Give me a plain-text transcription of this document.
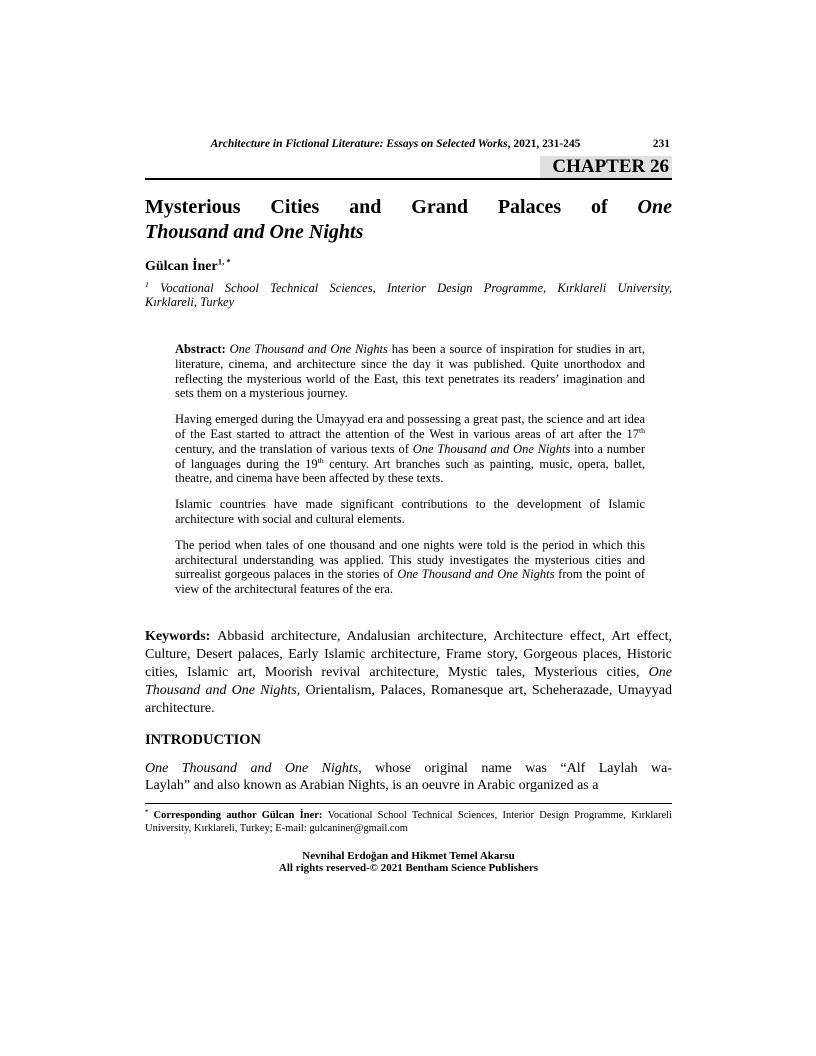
Architecture in Fictional Literature: Essays on Selected Works, 2021, 231-245	231
CHAPTER 26
Mysterious Cities and Grand Palaces of One
Thousand and One Nights
Gülcan İner$^{1, *}$
$^1$ Vocational School Technical Sciences, Interior Design Programme, Kırklareli University,
Kırklareli, Turkey

Abstract: One Thousand and One Nights has been a source of inspiration for studies in art, literature, cinema, and architecture since the day it was published. Quite unorthodox and reflecting the mysterious world of the East, this text penetrates its readers’ imagination and sets them on a mysterious journey.

Having emerged during the Umayyad era and possessing a great past, the science and art idea of the East started to attract the attention of the West in various areas of art after the 17th century, and the translation of various texts of One Thousand and One Nights into a number of languages during the 19th century. Art branches such as painting, music, opera, ballet, theatre, and cinema have been affected by these texts.

Islamic countries have made significant contributions to the development of Islamic architecture with social and cultural elements.

The period when tales of one thousand and one nights were told is the period in which this architectural understanding was applied. This study investigates the mysterious cities and surrealist gorgeous palaces in the stories of One Thousand and One Nights from the point of view of the architectural features of the era.

Keywords: Abbasid architecture, Andalusian architecture, Architecture effect, Art effect, Culture, Desert palaces, Early Islamic architecture, Frame story, Gorgeous places, Historic cities, Islamic art, Moorish revival architecture, Mystic tales, Mysterious cities, One Thousand and One Nights, Orientalism, Palaces, Romanesque art, Scheherazade, Umayyad architecture.

INTRODUCTION
One Thousand and One Nights, whose original name was “Alf Laylah wa-
Laylah” and also known as Arabian Nights, is an oeuvre in Arabic organized as a

* Corresponding author Gülcan İner: Vocational School Technical Sciences, Interior Design Programme, Kırklareli University, Kırklareli, Turkey; E-mail: gulcaniner@gmail.com

Nevnihal Erdoğan and Hikmet Temel Akarsu
All rights reserved-© 2021 Bentham Science Publishers
